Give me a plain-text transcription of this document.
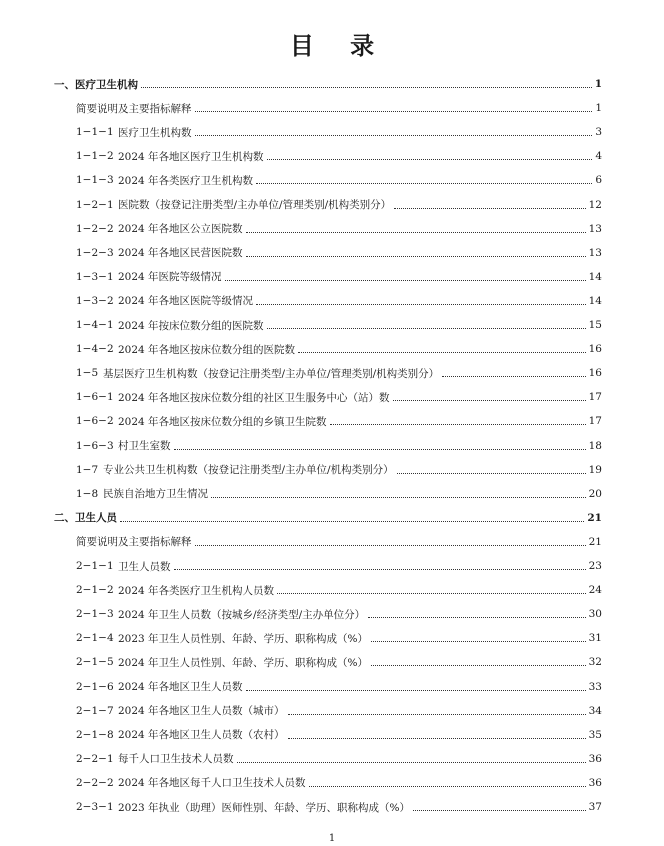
目 录
一、医疗卫生机构	1
简要说明及主要指标解释	1
1−1−1 医疗卫生机构数	3
1−1−2 2024 年各地区医疗卫生机构数	4
1−1−3 2024 年各类医疗卫生机构数	6
1−2−1 医院数（按登记注册类型/主办单位/管理类别/机构类别分）	12
1−2−2 2024 年各地区公立医院数	13
1−2−3 2024 年各地区民营医院数	13
1−3−1 2024 年医院等级情况	14
1−3−2 2024 年各地区医院等级情况	14
1−4−1 2024 年按床位数分组的医院数	15
1−4−2 2024 年各地区按床位数分组的医院数	16
1−5 基层医疗卫生机构数（按登记注册类型/主办单位/管理类别/机构类别分）	16
1−6−1 2024 年各地区按床位数分组的社区卫生服务中心（站）数	17
1−6−2 2024 年各地区按床位数分组的乡镇卫生院数	17
1−6−3 村卫生室数	18
1−7 专业公共卫生机构数（按登记注册类型/主办单位/机构类别分）	19
1−8 民族自治地方卫生情况	20
二、卫生人员	21
简要说明及主要指标解释	21
2−1−1 卫生人员数	23
2−1−2 2024 年各类医疗卫生机构人员数	24
2−1−3 2024 年卫生人员数（按城乡/经济类型/主办单位分）	30
2−1−4 2023 年卫生人员性别、年龄、学历、职称构成（%）	31
2−1−5 2024 年卫生人员性别、年龄、学历、职称构成（%）	32
2−1−6 2024 年各地区卫生人员数	33
2−1−7 2024 年各地区卫生人员数（城市）	34
2−1−8 2024 年各地区卫生人员数（农村）	35
2−2−1 每千人口卫生技术人员数	36
2−2−2 2024 年各地区每千人口卫生技术人员数	36
2−3−1 2023 年执业（助理）医师性别、年龄、学历、职称构成（%）	37
1
